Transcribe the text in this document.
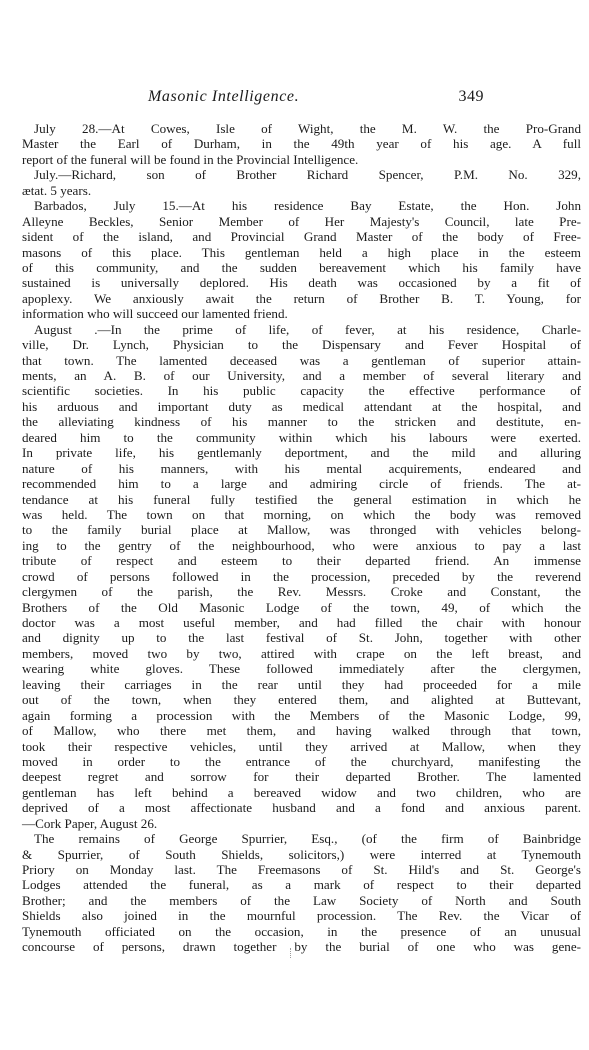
Masonic Intelligence.	349
July 28.—At Cowes, Isle of Wight, the M. W. the Pro-Grand
Master the Earl of Durham, in the 49th year of his age. A full
report of the funeral will be found in the Provincial Intelligence.
July.—Richard, son of Brother Richard Spencer, P.M. No. 329,
ætat. 5 years.
Barbados, July 15.—At his residence Bay Estate, the Hon. John
Alleyne Beckles, Senior Member of Her Majesty's Council, late Pre-
sident of the island, and Provincial Grand Master of the body of Free-
masons of this place. This gentleman held a high place in the esteem
of this community, and the sudden bereavement which his family have
sustained is universally deplored. His death was occasioned by a fit of
apoplexy. We anxiously await the return of Brother B. T. Young, for
information who will succeed our lamented friend.
August .—In the prime of life, of fever, at his residence, Charle-
ville, Dr. Lynch, Physician to the Dispensary and Fever Hospital of
that town. The lamented deceased was a gentleman of superior attain-
ments, an A. B. of our University, and a member of several literary and
scientific societies. In his public capacity the effective performance of
his arduous and important duty as medical attendant at the hospital, and
the alleviating kindness of his manner to the stricken and destitute, en-
deared him to the community within which his labours were exerted.
In private life, his gentlemanly deportment, and the mild and alluring
nature of his manners, with his mental acquirements, endeared and
recommended him to a large and admiring circle of friends. The at-
tendance at his funeral fully testified the general estimation in which he
was held. The town on that morning, on which the body was removed
to the family burial place at Mallow, was thronged with vehicles belong-
ing to the gentry of the neighbourhood, who were anxious to pay a last
tribute of respect and esteem to their departed friend. An immense
crowd of persons followed in the procession, preceded by the reverend
clergymen of the parish, the Rev. Messrs. Croke and Constant, the
Brothers of the Old Masonic Lodge of the town, 49, of which the
doctor was a most useful member, and had filled the chair with honour
and dignity up to the last festival of St. John, together with other
members, moved two by two, attired with crape on the left breast, and
wearing white gloves. These followed immediately after the clergymen,
leaving their carriages in the rear until they had proceeded for a mile
out of the town, when they entered them, and alighted at Buttevant,
again forming a procession with the Members of the Masonic Lodge, 99,
of Mallow, who there met them, and having walked through that town,
took their respective vehicles, until they arrived at Mallow, when they
moved in order to the entrance of the churchyard, manifesting the
deepest regret and sorrow for their departed Brother. The lamented
gentleman has left behind a bereaved widow and two children, who are
deprived of a most affectionate husband and a fond and anxious parent.
—Cork Paper, August 26.
The remains of George Spurrier, Esq., (of the firm of Bainbridge
& Spurrier, of South Shields, solicitors,) were interred at Tynemouth
Priory on Monday last. The Freemasons of St. Hild's and St. George's
Lodges attended the funeral, as a mark of respect to their departed
Brother; and the members of the Law Society of North and South
Shields also joined in the mournful procession. The Rev. the Vicar of
Tynemouth officiated on the occasion, in the presence of an unusual
concourse of persons, drawn together by the burial of one who was gene-
